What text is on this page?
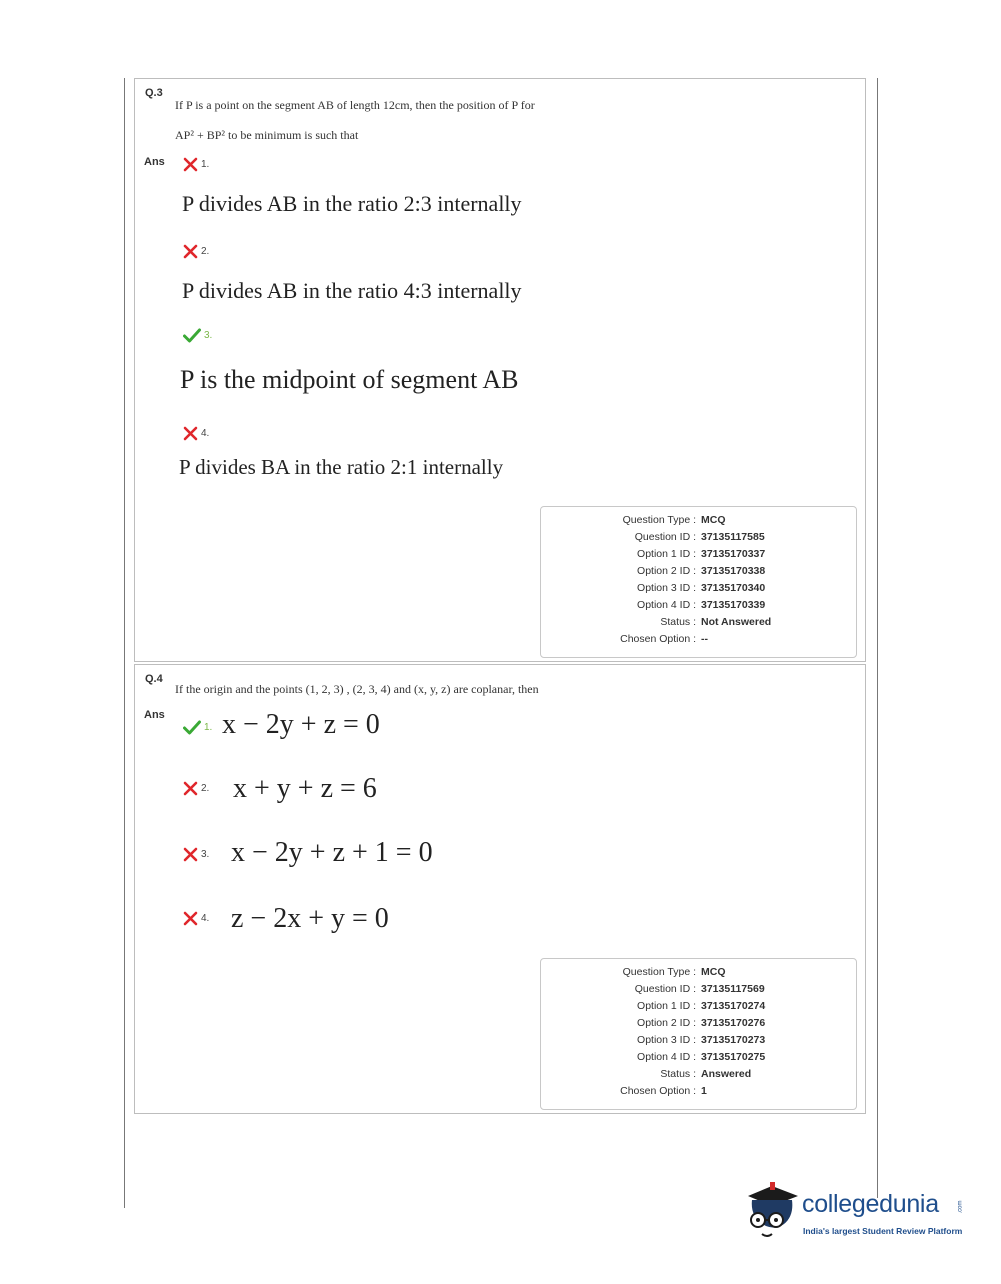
Q.3
If P is a point on the segment AB of length 12cm, then the position of P for
AP² + BP² to be minimum is such that
Ans	1.
P divides AB in the ratio 2:3 internally
2.
P divides AB in the ratio 4:3 internally
3.
P is the midpoint of segment AB
4.
P divides BA in the ratio 2:1 internally
Question Type : MCQ
Question ID : 37135117585
Option 1 ID : 37135170337
Option 2 ID : 37135170338
Option 3 ID : 37135170340
Option 4 ID : 37135170339
Status : Not Answered
Chosen Option : --
Q.4
If the origin and the points (1, 2, 3) , (2, 3, 4) and (x, y, z) are coplanar, then
Ans
1. x − 2y + z = 0
2. x + y + z = 6
3. x − 2y + z + 1 = 0
4. z − 2x + y = 0
Question Type : MCQ
Question ID : 37135117569
Option 1 ID : 37135170274
Option 2 ID : 37135170276
Option 3 ID : 37135170273
Option 4 ID : 37135170275
Status : Answered
Chosen Option : 1
collegedunia	.com
India's largest Student Review Platform
